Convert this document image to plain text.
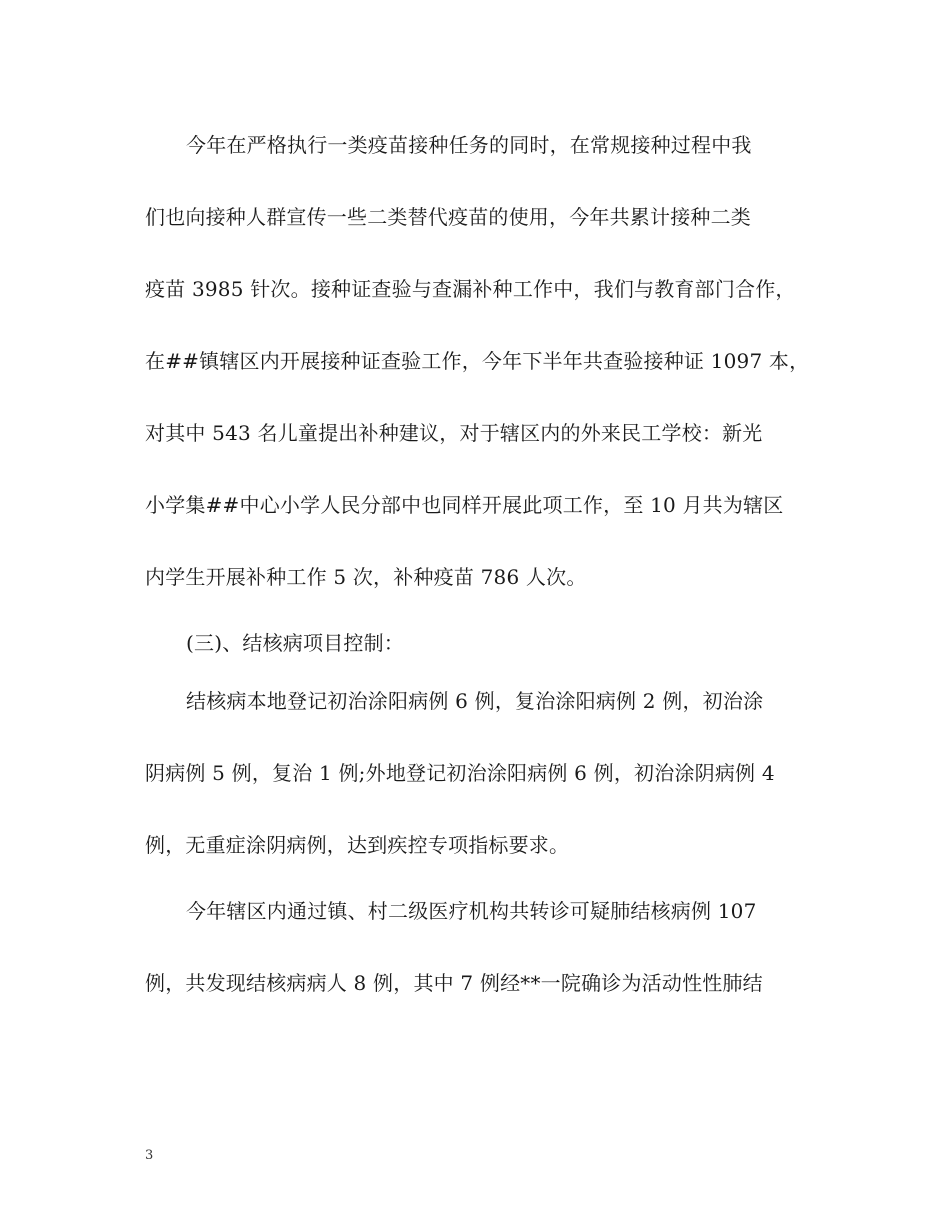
今年在严格执行一类疫苗接种任务的同时，在常规接种过程中我
们也向接种人群宣传一些二类替代疫苗的使用，今年共累计接种二类
疫苗 3985 针次。接种证查验与查漏补种工作中，我们与教育部门合作，
在##镇辖区内开展接种证查验工作，今年下半年共查验接种证 1097 本，
对其中 543 名儿童提出补种建议，对于辖区内的外来民工学校：新光
小学集##中心小学人民分部中也同样开展此项工作，至 10 月共为辖区
内学生开展补种工作 5 次，补种疫苗 786 人次。
(三)、结核病项目控制：
结核病本地登记初治涂阳病例 6 例，复治涂阳病例 2 例，初治涂
阴病例 5 例，复治 1 例;外地登记初治涂阳病例 6 例，初治涂阴病例 4
例，无重症涂阴病例，达到疾控专项指标要求。
今年辖区内通过镇、村二级医疗机构共转诊可疑肺结核病例 107
例，共发现结核病病人 8 例，其中 7 例经**一院确诊为活动性性肺结
3
